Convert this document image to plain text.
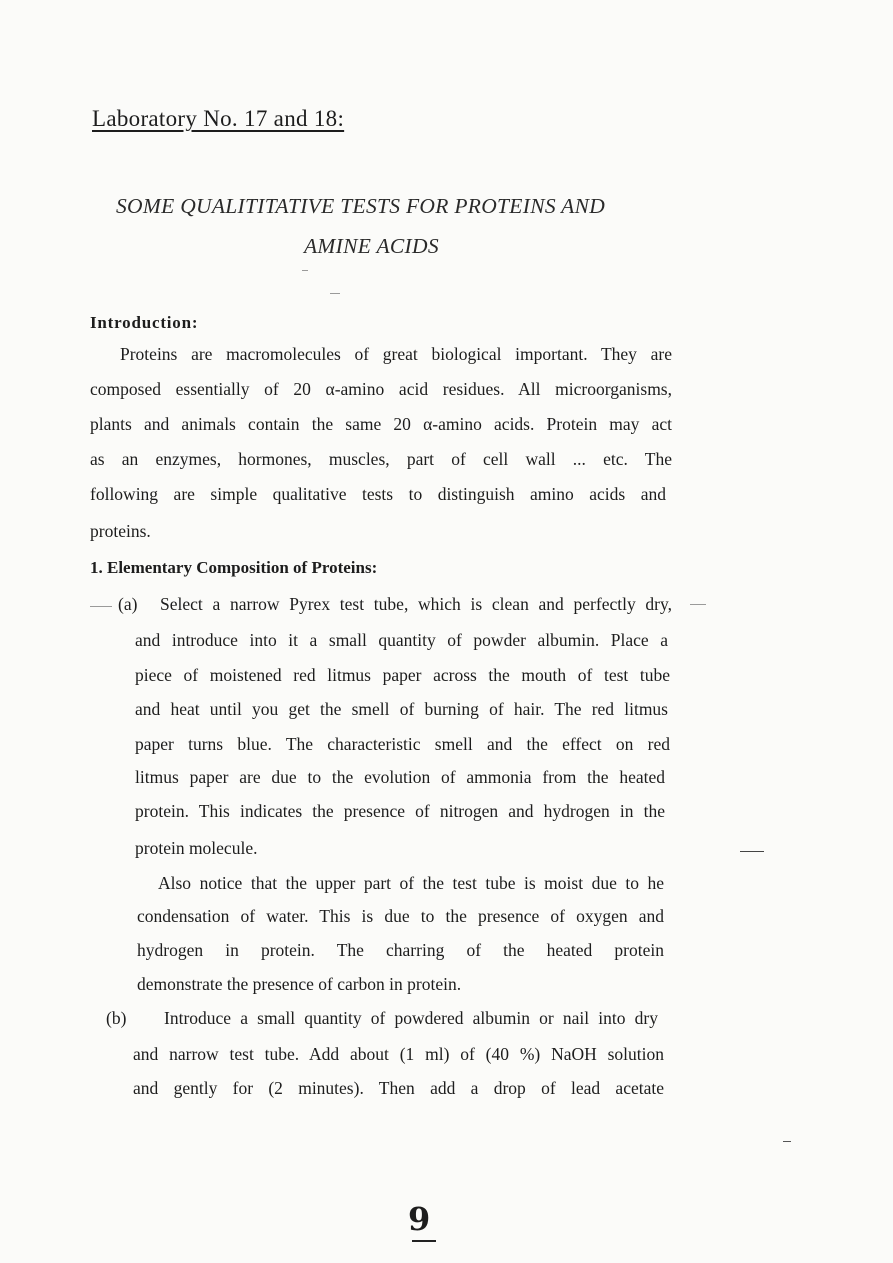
Laboratory No. 17 and 18:
SOME QUALITITATIVE TESTS FOR PROTEINS AND
AMINE ACIDS
Introduction:
Proteins are macromolecules of great biological important. They are
composed essentially of 20 α-amino acid residues. All microorganisms,
plants and animals contain the same 20 α-amino acids. Protein may act
as an enzymes, hormones, muscles, part of cell wall ... etc. The
following are simple qualitative tests to distinguish amino acids and
proteins.
1. Elementary Composition of Proteins:
(a) Select a narrow Pyrex test tube, which is clean and perfectly dry,
and introduce into it a small quantity of powder albumin. Place a
piece of moistened red litmus paper across the mouth of test tube
and heat until you get the smell of burning of hair. The red litmus
paper turns blue. The characteristic smell and the effect on red
litmus paper are due to the evolution of ammonia from the heated
protein. This indicates the presence of nitrogen and hydrogen in the
protein molecule.
Also notice that the upper part of the test tube is moist due to he
condensation of water. This is due to the presence of oxygen and
hydrogen in protein. The charring of the heated protein
demonstrate the presence of carbon in protein.
(b) Introduce a small quantity of powdered albumin or nail into dry
and narrow test tube. Add about (1 ml) of (40 %) NaOH solution
and gently for (2 minutes). Then add a drop of lead acetate
9
